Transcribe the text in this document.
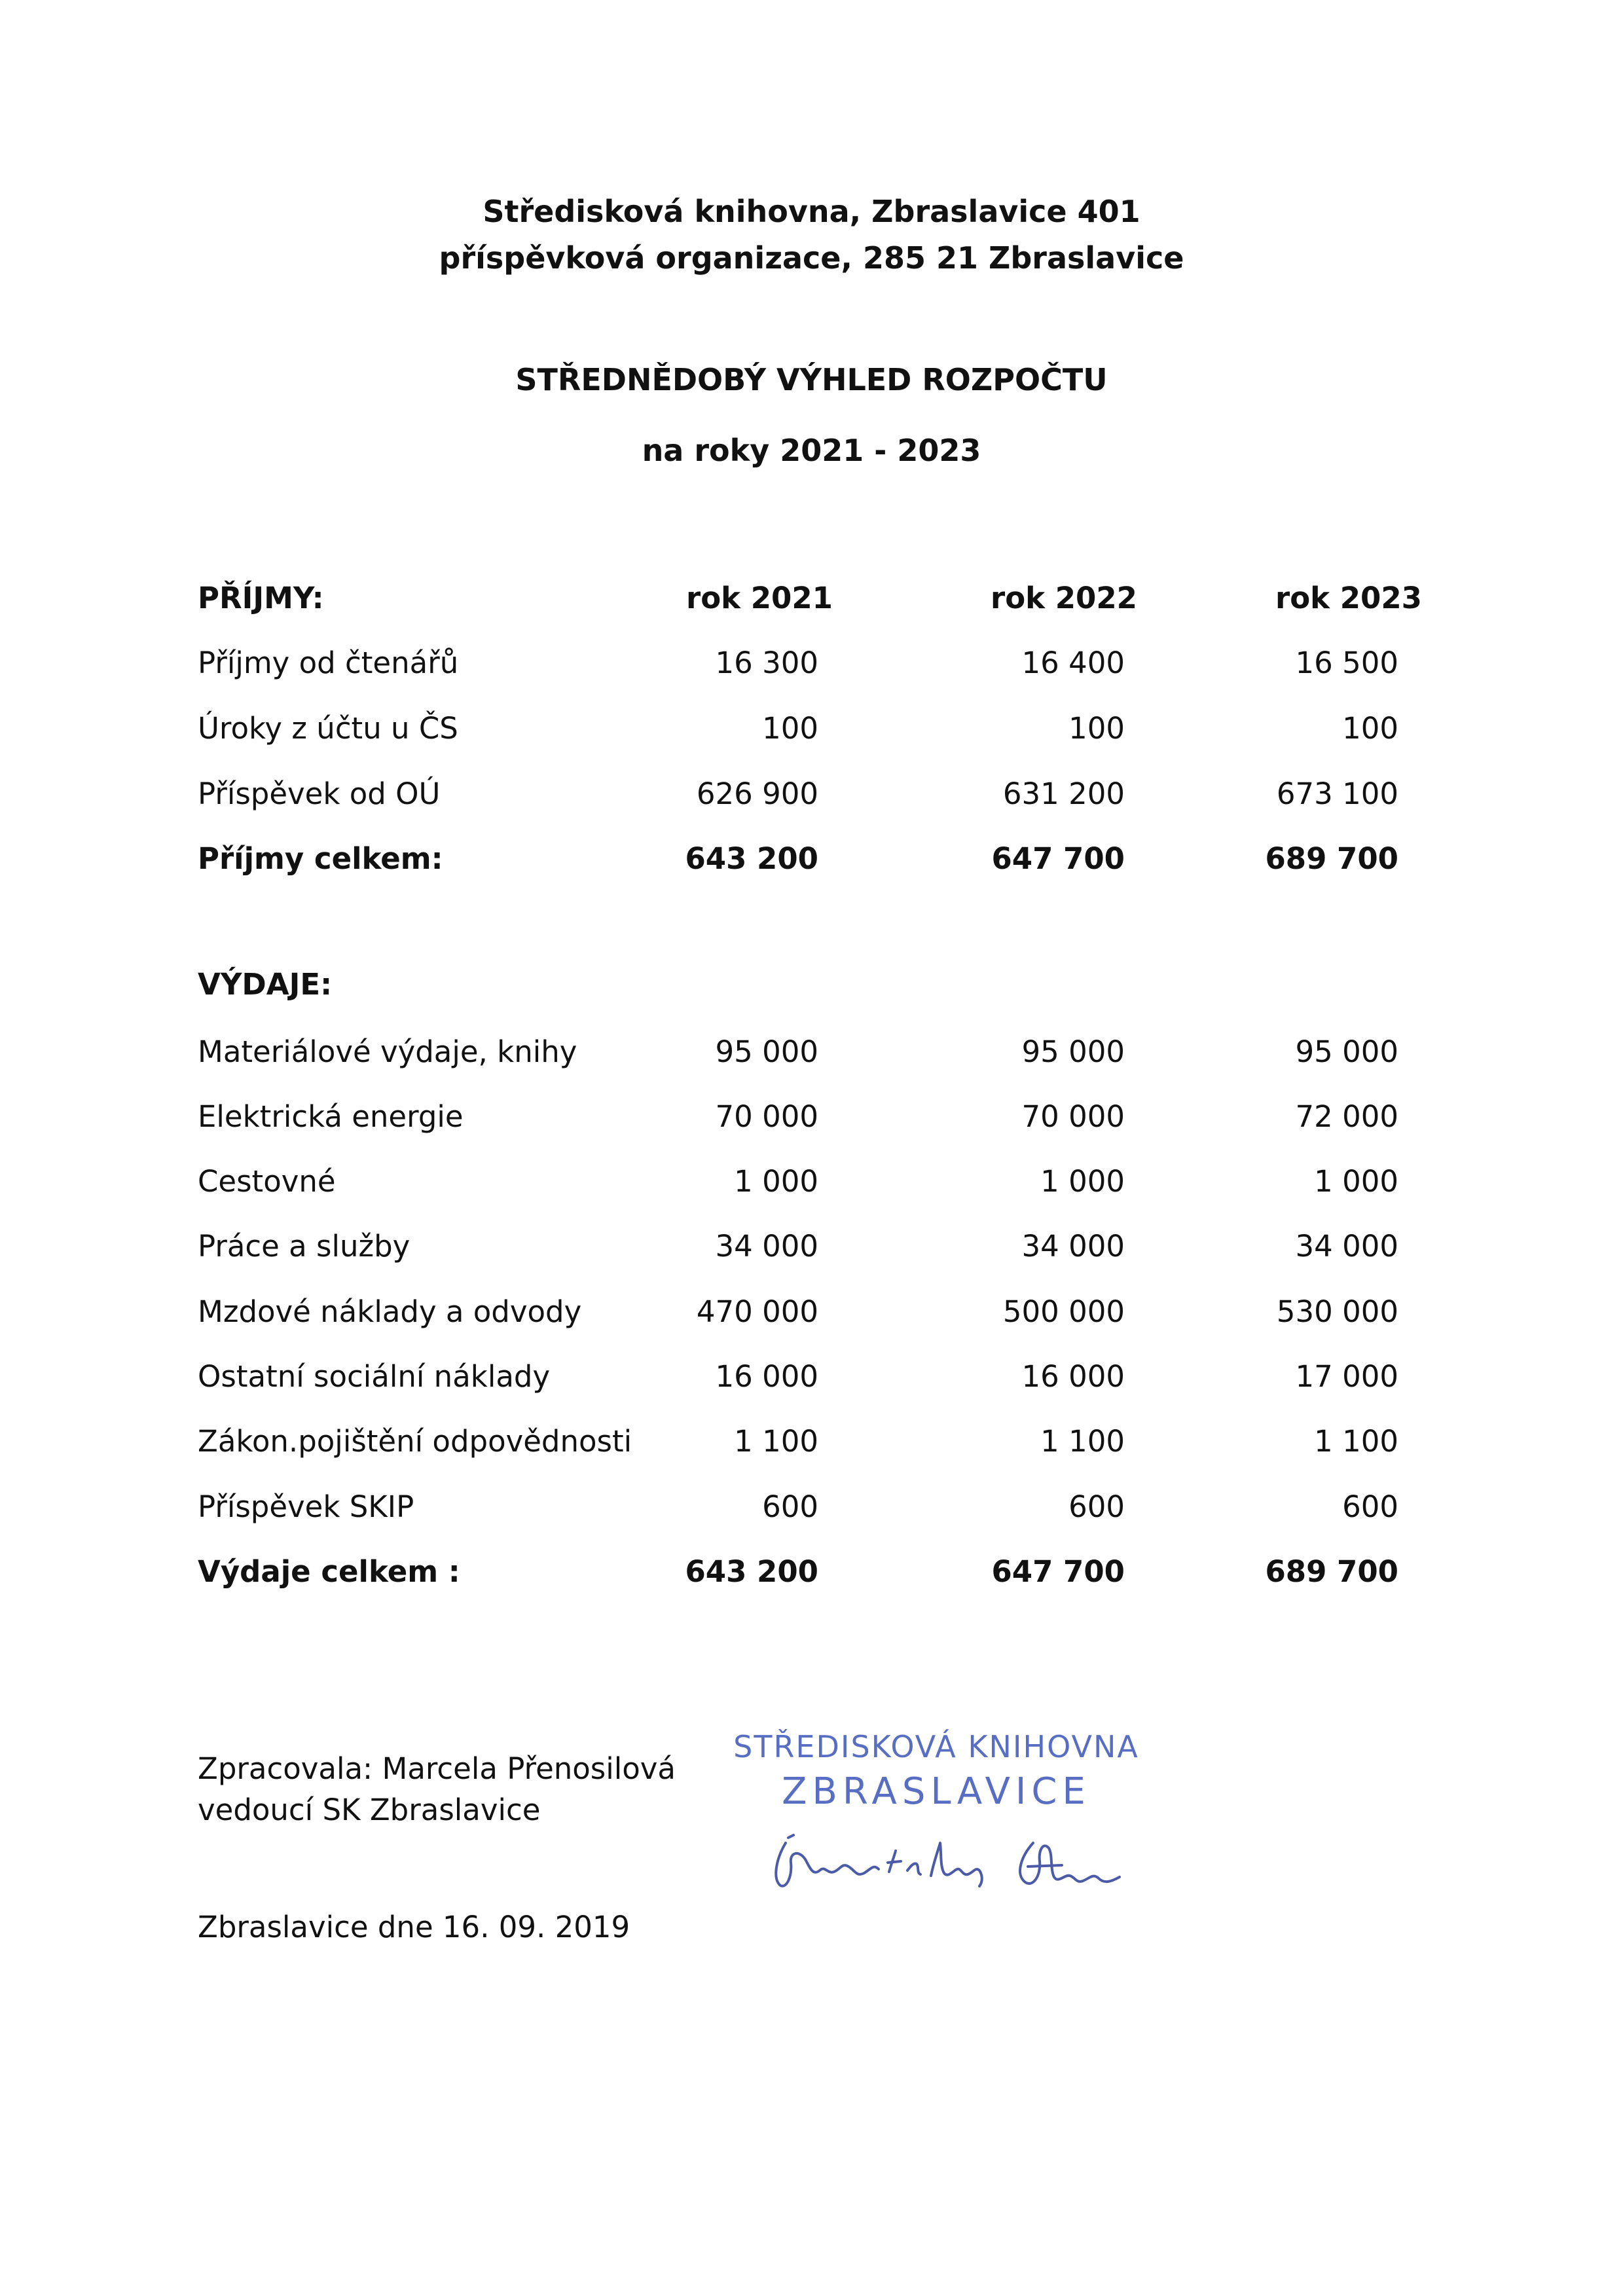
Středisková knihovna, Zbraslavice 401
příspěvková organizace, 285 21 Zbraslavice
STŘEDNĚDOBÝ VÝHLED ROZPOČTU
na roky 2021 - 2023
PŘÍJMY:	rok 2021	rok 2022	rok 2023
Příjmy od čtenářů	16 300	16 400	16 500
Úroky z účtu u ČS	100	100	100
Příspěvek od OÚ	626 900	631 200	673 100
Příjmy celkem:	643 200	647 700	689 700
VÝDAJE:
Materiálové výdaje, knihy	95 000	95 000	95 000
Elektrická energie	70 000	70 000	72 000
Cestovné	1 000	1 000	1 000
Práce a služby	34 000	34 000	34 000
Mzdové náklady a odvody	470 000	500 000	530 000
Ostatní sociální náklady	16 000	16 000	17 000
Zákon.pojištění odpovědnosti	1 100	1 100	1 100
Příspěvek SKIP	600	600	600
Výdaje celkem :	643 200	647 700	689 700
Zpracovala: Marcela Přenosilová
vedoucí SK Zbraslavice
Zbraslavice dne 16. 09. 2019
STŘEDISKOVÁ KNIHOVNA
ZBRASLAVICE
